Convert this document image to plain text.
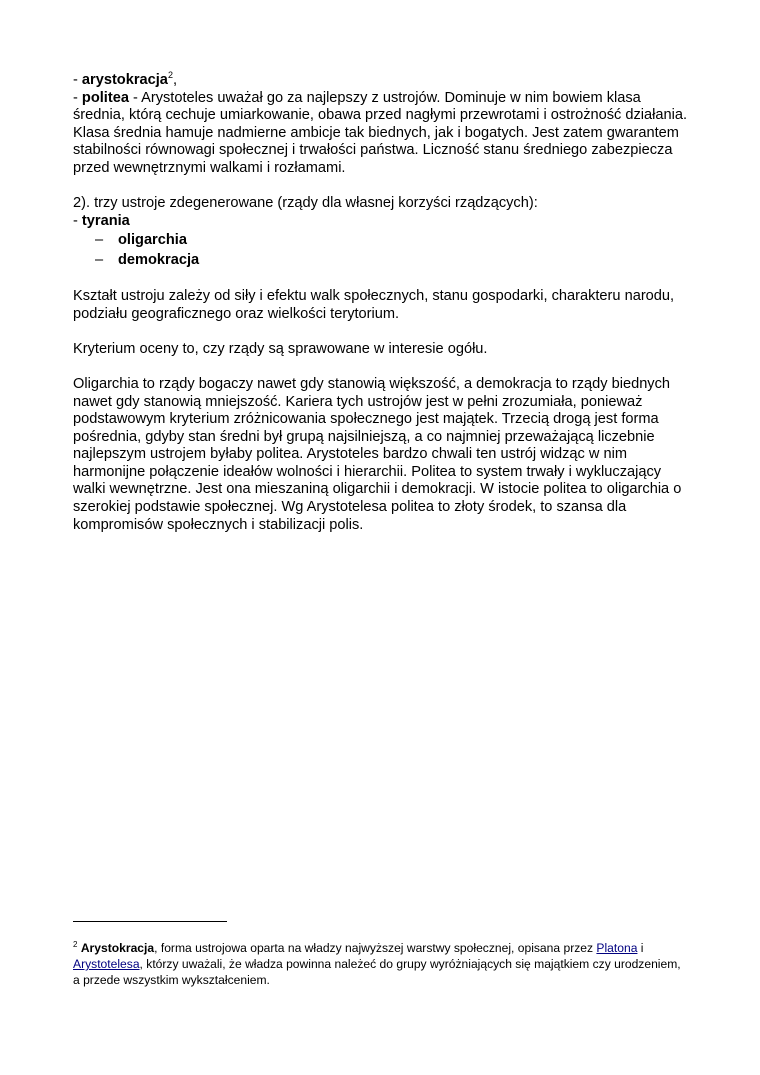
- arystokracja$^2$,

- politea - Arystoteles uważał go za najlepszy z ustrojów. Dominuje w nim bowiem klasa średnia, którą cechuje umiarkowanie, obawa przed nagłymi przewrotami i ostrożność działania. Klasa średnia hamuje nadmierne ambicje tak biednych, jak i bogatych. Jest zatem gwarantem stabilności równowagi społecznej i trwałości państwa. Liczność stanu średniego zabezpiecza przed wewnętrznymi walkami i rozłamami.

2). trzy ustroje zdegenerowane (rządy dla własnej korzyści rządzących):

- tyrania

– oligarchia
– demokracja

Kształt ustroju zależy od siły i efektu walk społecznych, stanu gospodarki, charakteru narodu, podziału geograficznego oraz wielkości terytorium.

Kryterium oceny to, czy rządy są sprawowane w interesie ogółu.

Oligarchia to rządy bogaczy nawet gdy stanowią większość, a demokracja to rządy biednych nawet gdy stanowią mniejszość. Kariera tych ustrojów jest w pełni zrozumiała, ponieważ podstawowym kryterium zróżnicowania społecznego jest majątek. Trzecią drogą jest forma pośrednia, gdyby stan średni był grupą najsilniejszą, a co najmniej przeważającą liczebnie najlepszym ustrojem byłaby politea. Arystoteles bardzo chwali ten ustrój widząc w nim harmonijne połączenie ideałów wolności i hierarchii. Politea to system trwały i wykluczający walki wewnętrzne. Jest ona mieszaniną oligarchii i demokracji. W istocie politea to oligarchia o szerokiej podstawie społecznej. Wg Arystotelesa politea to złoty środek, to szansa dla kompromisów społecznych i stabilizacji polis.

$^2$ Arystokracja, forma ustrojowa oparta na władzy najwyższej warstwy społecznej, opisana przez Platona i Arystotelesa, którzy uważali, że władza powinna należeć do grupy wyróżniających się majątkiem czy urodzeniem, a przede wszystkim wykształceniem.
